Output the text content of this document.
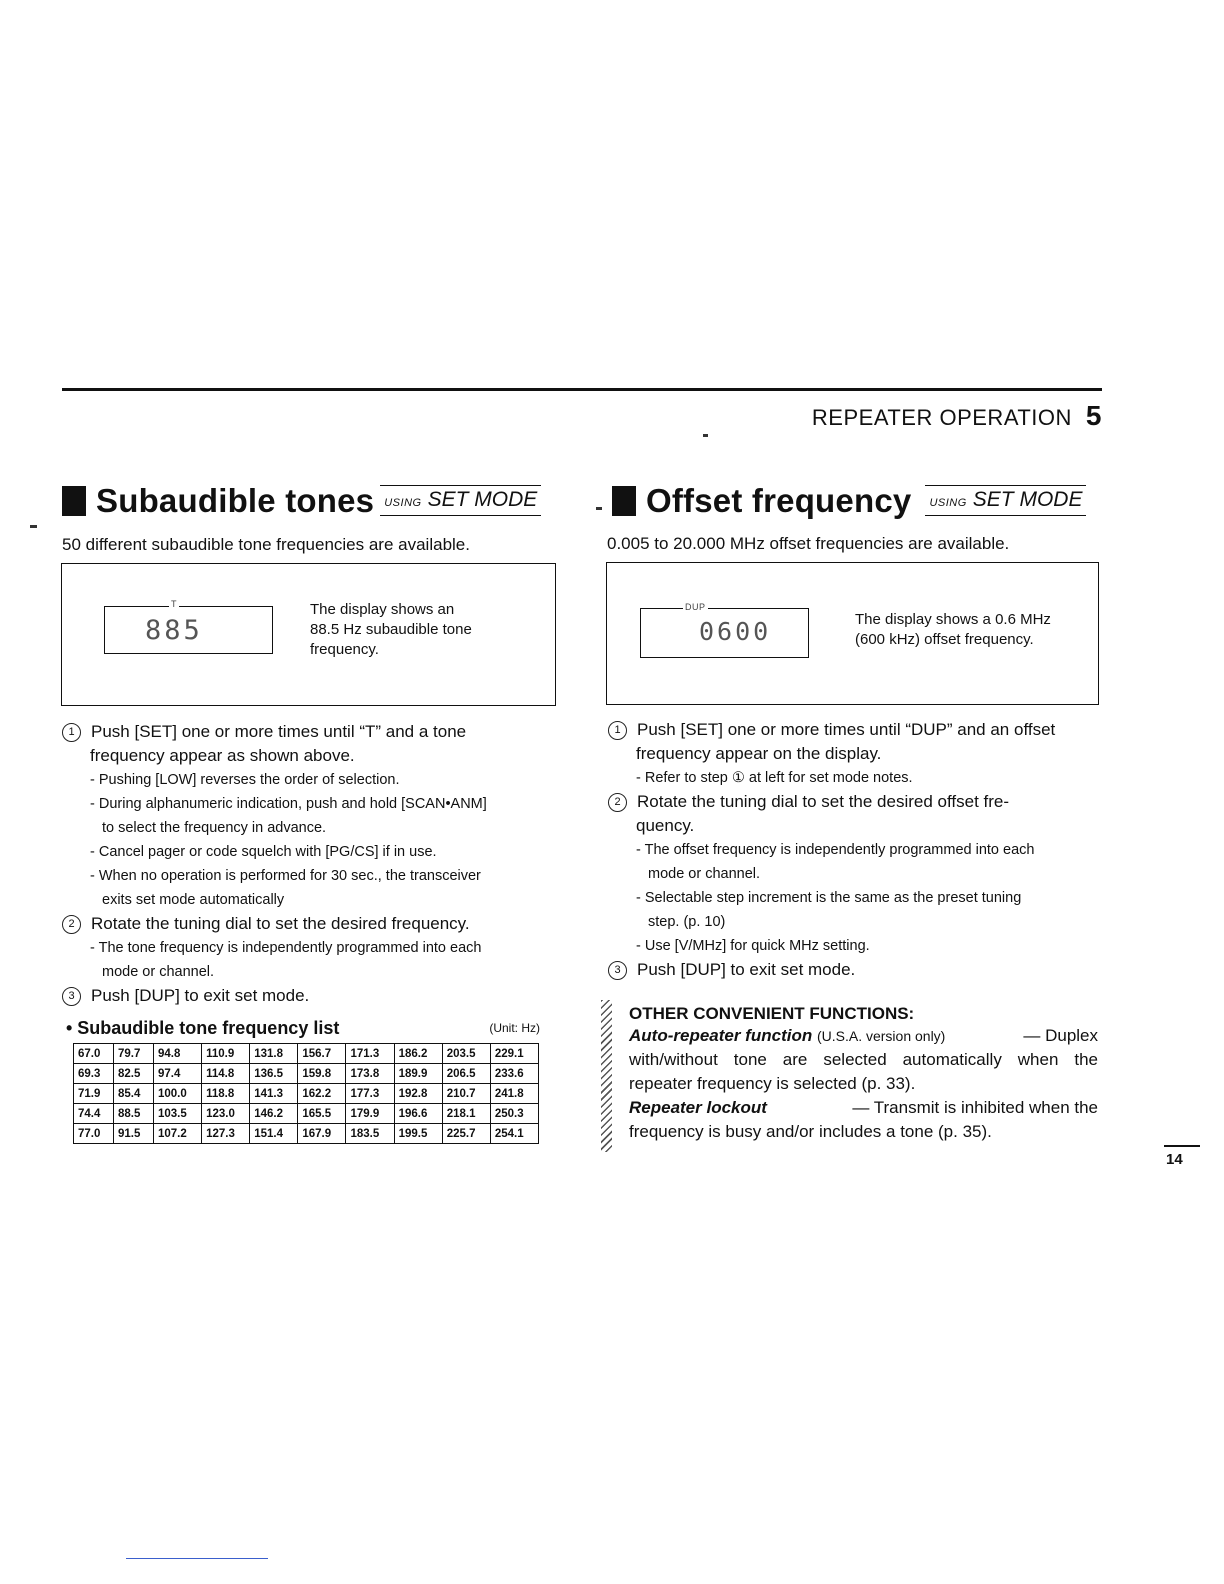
REPEATER OPERATION 5
Subaudible tones USING SET MODE
50 different subaudible tone frequencies are available.
T
885
The display shows an
88.5 Hz subaudible tone
frequency.
1 Push [SET] one or more times until “T” and a tone
frequency appear as shown above.
- Pushing [LOW] reverses the order of selection.
- During alphanumeric indication, push and hold [SCAN•ANM]
to select the frequency in advance.
- Cancel pager or code squelch with [PG/CS] if in use.
- When no operation is performed for 30 sec., the transceiver
exits set mode automatically
2 Rotate the tuning dial to set the desired frequency.
- The tone frequency is independently programmed into each
mode or channel.
3 Push [DUP] to exit set mode.
• Subaudible tone frequency list	(Unit: Hz)
67.0	79.7	94.8	110.9	131.8	156.7	171.3	186.2	203.5	229.1
69.3	82.5	97.4	114.8	136.5	159.8	173.8	189.9	206.5	233.6
71.9	85.4	100.0	118.8	141.3	162.2	177.3	192.8	210.7	241.8
74.4	88.5	103.5	123.0	146.2	165.5	179.9	196.6	218.1	250.3
77.0	91.5	107.2	127.3	151.4	167.9	183.5	199.5	225.7	254.1
Offset frequency USING SET MODE
0.005 to 20.000 MHz offset frequencies are available.
DUP
0600	The display shows a 0.6 MHz
(600 kHz) offset frequency.
1 Push [SET] one or more times until “DUP” and an offset
frequency appear on the display.
- Refer to step ① at left for set mode notes.
2 Rotate the tuning dial to set the desired offset fre-
quency.
- The offset frequency is independently programmed into each
mode or channel.
- Selectable step increment is the same as the preset tuning
step. (p. 10)
- Use [V/MHz] for quick MHz setting.
3 Push [DUP] to exit set mode.
OTHER CONVENIENT FUNCTIONS:
Auto-repeater function (U.S.A. version only)	— Duplex
with/without tone are selected automatically when the
repeater frequency is selected (p. 33).
Repeater lockout	— Transmit is inhibited when the
frequency is busy and/or includes a tone (p. 35).
14
